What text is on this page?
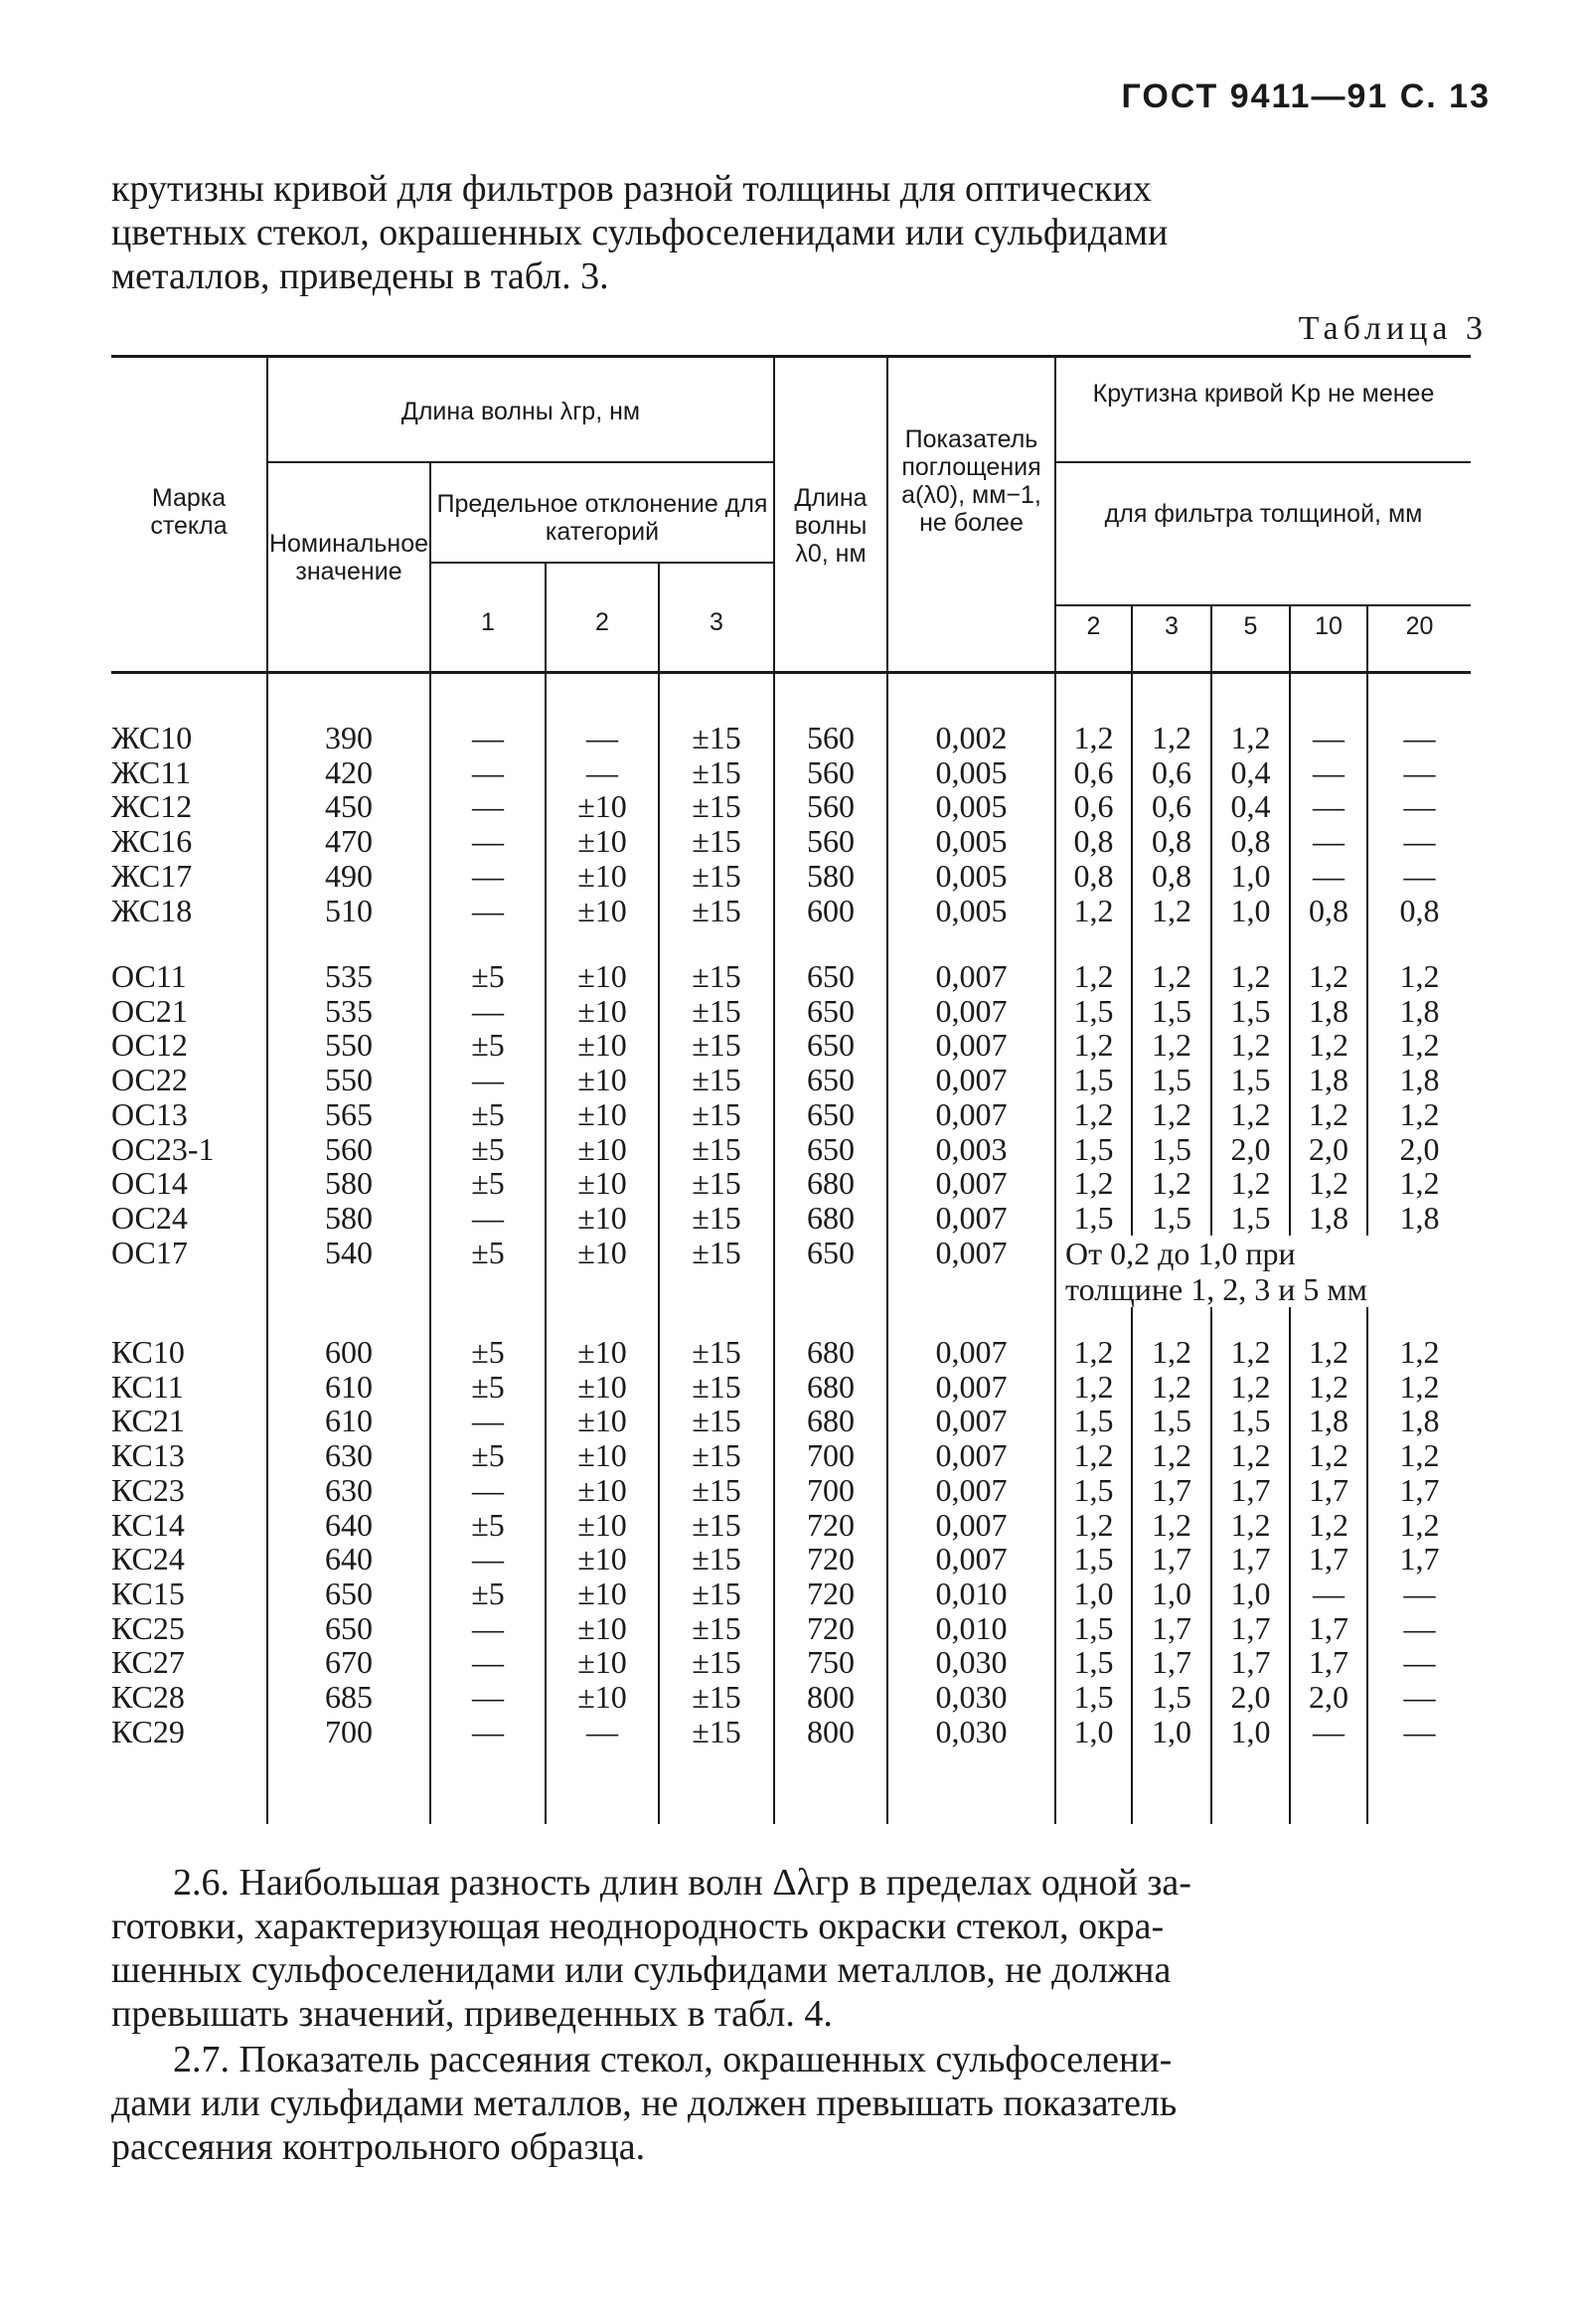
ГОСТ 9411—91 С. 13
крутизны кривой для фильтров разной толщины для оптических
цветных стекол, окрашенных сульфоселенидами или сульфидами
металлов, приведены в табл. 3.
Таблица 3
Марка стекла
Длина волны λгр, нм
Номинальное значение
Предельное отклонение для категорий
1	2	3
Длина волны λ0, нм
Показатель поглощения a(λ0), мм−1, не более
Крутизна кривой Kр не менее
для фильтра толщиной, мм
2	3	5	10	20
ЖС10	390	—	—	±15	560	0,002	1,2	1,2	1,2	—	—
ЖС11	420	—	—	±15	560	0,005	0,6	0,6	0,4	—	—
ЖС12	450	—	±10	±15	560	0,005	0,6	0,6	0,4	—	—
ЖС16	470	—	±10	±15	560	0,005	0,8	0,8	0,8	—	—
ЖС17	490	—	±10	±15	580	0,005	0,8	0,8	1,0	—	—
ЖС18	510	—	±10	±15	600	0,005	1,2	1,2	1,0	0,8	0,8
ОС11	535	±5	±10	±15	650	0,007	1,2	1,2	1,2	1,2	1,2
ОС21	535	—	±10	±15	650	0,007	1,5	1,5	1,5	1,8	1,8
ОС12	550	±5	±10	±15	650	0,007	1,2	1,2	1,2	1,2	1,2
ОС22	550	—	±10	±15	650	0,007	1,5	1,5	1,5	1,8	1,8
ОС13	565	±5	±10	±15	650	0,007	1,2	1,2	1,2	1,2	1,2
ОС23-1	560	±5	±10	±15	650	0,003	1,5	1,5	2,0	2,0	2,0
ОС14	580	±5	±10	±15	680	0,007	1,2	1,2	1,2	1,2	1,2
ОС24	580	—	±10	±15	680	0,007	1,5	1,5	1,5	1,8	1,8
ОС17	540	±5	±10	±15	650	0,007	От 0,2 до 1,0 при
толщине 1, 2, 3 и 5 мм
КС10	600	±5	±10	±15	680	0,007	1,2	1,2	1,2	1,2	1,2
КС11	610	±5	±10	±15	680	0,007	1,2	1,2	1,2	1,2	1,2
КС21	610	—	±10	±15	680	0,007	1,5	1,5	1,5	1,8	1,8
КС13	630	±5	±10	±15	700	0,007	1,2	1,2	1,2	1,2	1,2
КС23	630	—	±10	±15	700	0,007	1,5	1,7	1,7	1,7	1,7
КС14	640	±5	±10	±15	720	0,007	1,2	1,2	1,2	1,2	1,2
КС24	640	—	±10	±15	720	0,007	1,5	1,7	1,7	1,7	1,7
КС15	650	±5	±10	±15	720	0,010	1,0	1,0	1,0	—	—
КС25	650	—	±10	±15	720	0,010	1,5	1,7	1,7	1,7	—
КС27	670	—	±10	±15	750	0,030	1,5	1,7	1,7	1,7	—
КС28	685	—	±10	±15	800	0,030	1,5	1,5	2,0	2,0	—
КС29	700	—	—	±15	800	0,030	1,0	1,0	1,0	—	—
2.6. Наибольшая разность длин волн Δλгр в пределах одной за-
готовки, характеризующая неоднородность окраски стекол, окра-
шенных сульфоселенидами или сульфидами металлов, не должна
превышать значений, приведенных в табл. 4.
2.7. Показатель рассеяния стекол, окрашенных сульфоселени-
дами или сульфидами металлов, не должен превышать показатель
рассеяния контрольного образца.
